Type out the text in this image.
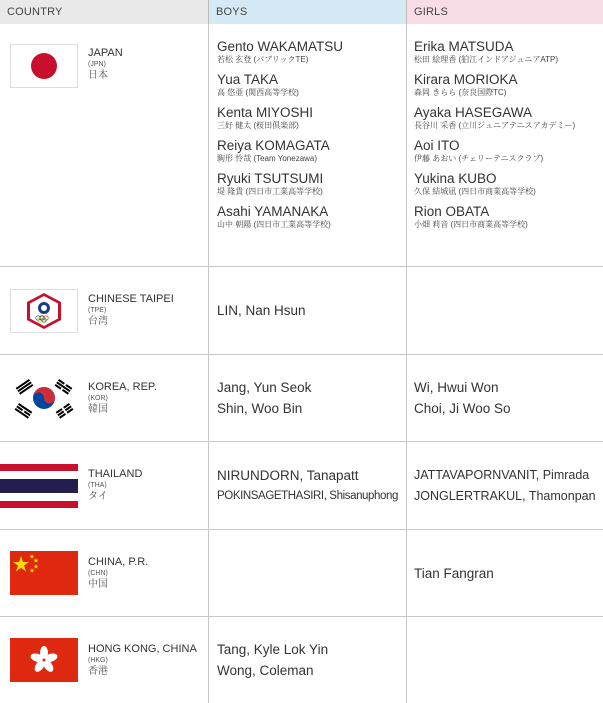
COUNTRY	BOYS	GIRLS
JAPAN
(JPN)
日本
Gento WAKAMATSU
若松 玄登 (パブリックTE)
Yua TAKA
高 悠亜 (関西高等学校)
Kenta MIYOSHI
三好 健太 (桜田倶楽部)
Reiya KOMAGATA
駒形 怜哉 (Team Yonezawa)
Ryuki TSUTSUMI
堤 隆貴 (四日市工業高等学校)
Asahi YAMANAKA
山中 朝陽 (四日市工業高等学校)
Erika MATSUDA
松田 絵理香 (狛江インドアジュニアATP)
Kirara MORIOKA
森岡 きらら (奈良国際TC)
Ayaka HASEGAWA
長谷川 采香 (立川ジュニアテニスアカデミー)
Aoi ITO
伊藤 あおい (チェリーテニスクラブ)
Yukina KUBO
久保 結城凪 (四日市商業高等学校)
Rion OBATA
小畑 莉音 (四日市商業高等学校)
CHINESE TAIPEI
(TPE)
台湾
LIN, Nan Hsun
KOREA, REP.
(KOR)
韓国
Jang, Yun Seok
Shin, Woo Bin
Wi, Hwui Won
Choi, Ji Woo So
THAILAND
(THA)
タイ
NIRUNDORN, Tanapatt
POKINSAGETHASIRI, Shisanuphong
JATTAVAPORNVANIT, Pimrada
JONGLERTRAKUL, Thamonpan
CHINA, P.R.
(CHN)
中国
Tian Fangran
HONG KONG, CHINA
(HKG)
香港
Tang, Kyle Lok Yin
Wong, Coleman
